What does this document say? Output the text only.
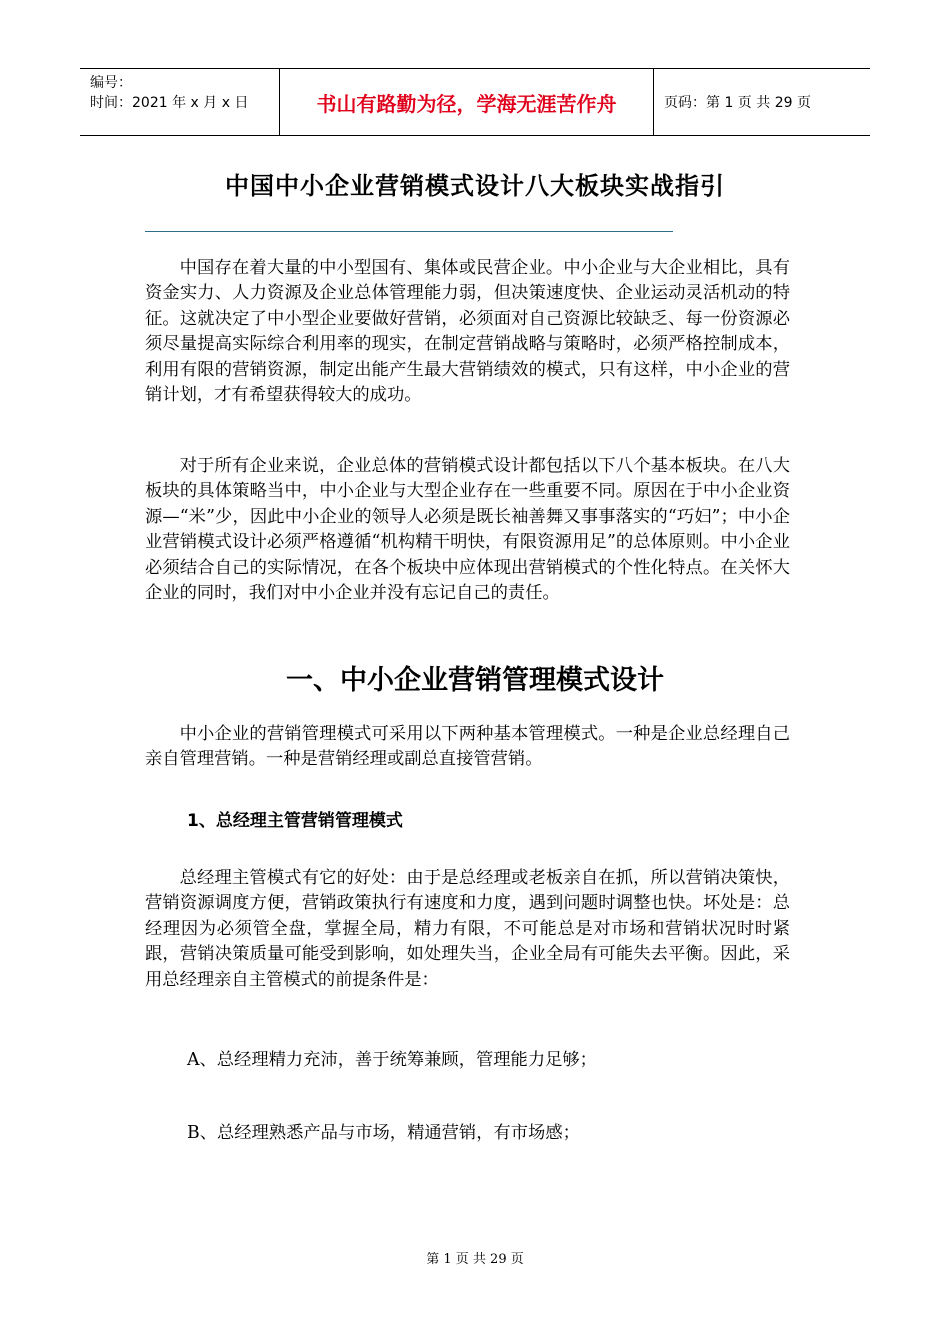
编号：
时间：2021 年 x 月 x 日	书山有路勤为径，学海无涯苦作舟	页码：第 1 页 共 29 页
中国中小企业营销模式设计八大板块实战指引
中国存在着大量的中小型国有、集体或民营企业。中小企业与大企业相比，具有资金实力、人力资源及企业总体管理能力弱，但决策速度快、企业运动灵活机动的特征。这就决定了中小型企业要做好营销，必须面对自己资源比较缺乏、每一份资源必须尽量提高实际综合利用率的现实，在制定营销战略与策略时，必须严格控制成本，利用有限的营销资源，制定出能产生最大营销绩效的模式，只有这样，中小企业的营销计划，才有希望获得较大的成功。
对于所有企业来说，企业总体的营销模式设计都包括以下八个基本板块。在八大板块的具体策略当中，中小企业与大型企业存在一些重要不同。原因在于中小企业资源—“米”少，因此中小企业的领导人必须是既长袖善舞又事事落实的“巧妇”；中小企业营销模式设计必须严格遵循“机构精干明快，有限资源用足”的总体原则。中小企业必须结合自己的实际情况，在各个板块中应体现出营销模式的个性化特点。在关怀大企业的同时，我们对中小企业并没有忘记自己的责任。
一、中小企业营销管理模式设计
中小企业的营销管理模式可采用以下两种基本管理模式。一种是企业总经理自己亲自管理营销。一种是营销经理或副总直接管营销。
1、总经理主管营销管理模式
总经理主管模式有它的好处：由于是总经理或老板亲自在抓，所以营销决策快，营销资源调度方便，营销政策执行有速度和力度，遇到问题时调整也快。坏处是：总经理因为必须管全盘，掌握全局，精力有限，不可能总是对市场和营销状况时时紧跟，营销决策质量可能受到影响，如处理失当，企业全局有可能失去平衡。因此，采用总经理亲自主管模式的前提条件是：
A、总经理精力充沛，善于统筹兼顾，管理能力足够；
B、总经理熟悉产品与市场，精通营销，有市场感；
第 1 页 共 29 页
